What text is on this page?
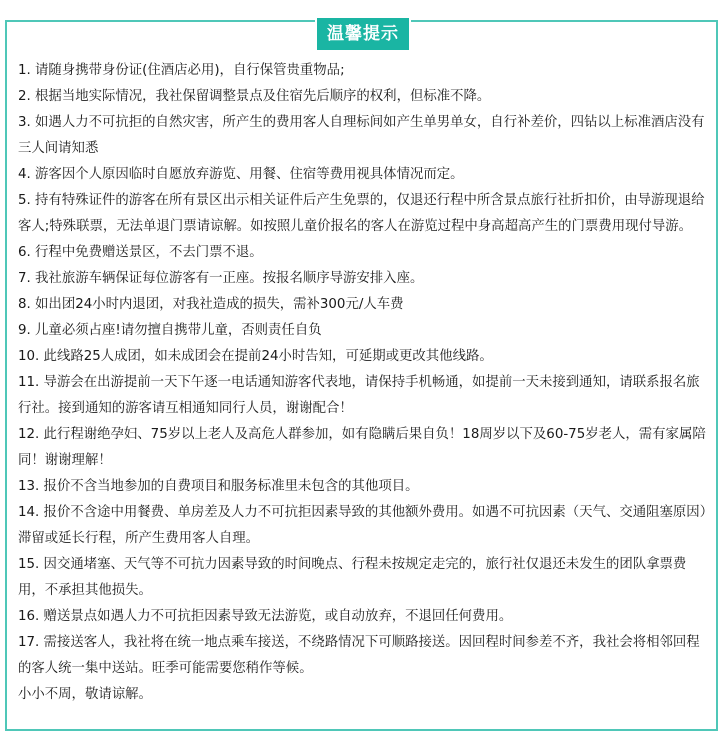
温馨提示
1. 请随身携带身份证(住酒店必用)，自行保管贵重物品;
2. 根据当地实际情况，我社保留调整景点及住宿先后顺序的权利，但标准不降。
3. 如遇人力不可抗拒的自然灾害，所产生的费用客人自理标间如产生单男单女，自行补差价，四钻以上标准酒店没有三人间请知悉
4. 游客因个人原因临时自愿放弃游览、用餐、住宿等费用视具体情况而定。
5. 持有特殊证件的游客在所有景区出示相关证件后产生免票的，仅退还行程中所含景点旅行社折扣价，由导游现退给客人;特殊联票，无法单退门票请谅解。如按照儿童价报名的客人在游览过程中身高超高产生的门票费用现付导游。
6. 行程中免费赠送景区，不去门票不退。
7. 我社旅游车辆保证每位游客有一正座。按报名顺序导游安排入座。
8. 如出团24小时内退团，对我社造成的损失，需补300元/人车费
9. 儿童必须占座!请勿擅自携带儿童，否则责任自负
10. 此线路25人成团，如未成团会在提前24小时告知，可延期或更改其他线路。
11. 导游会在出游提前一天下午逐一电话通知游客代表地，请保持手机畅通，如提前一天未接到通知，请联系报名旅行社。接到通知的游客请互相通知同行人员，谢谢配合！
12. 此行程谢绝孕妇、75岁以上老人及高危人群参加，如有隐瞒后果自负！18周岁以下及60-75岁老人，需有家属陪同！谢谢理解！
13. 报价不含当地参加的自费项目和服务标准里未包含的其他项目。
14. 报价不含途中用餐费、单房差及人力不可抗拒因素导致的其他额外费用。如遇不可抗因素（天气、交通阻塞原因）滞留或延长行程，所产生费用客人自理。
15. 因交通堵塞、天气等不可抗力因素导致的时间晚点、行程未按规定走完的，旅行社仅退还未发生的团队拿票费用，不承担其他损失。
16. 赠送景点如遇人力不可抗拒因素导致无法游览，或自动放弃，不退回任何费用。
17. 需接送客人，我社将在统一地点乘车接送，不绕路情况下可顺路接送。因回程时间参差不齐，我社会将相邻回程的客人统一集中送站。旺季可能需要您稍作等候。
小小不周，敬请谅解。
